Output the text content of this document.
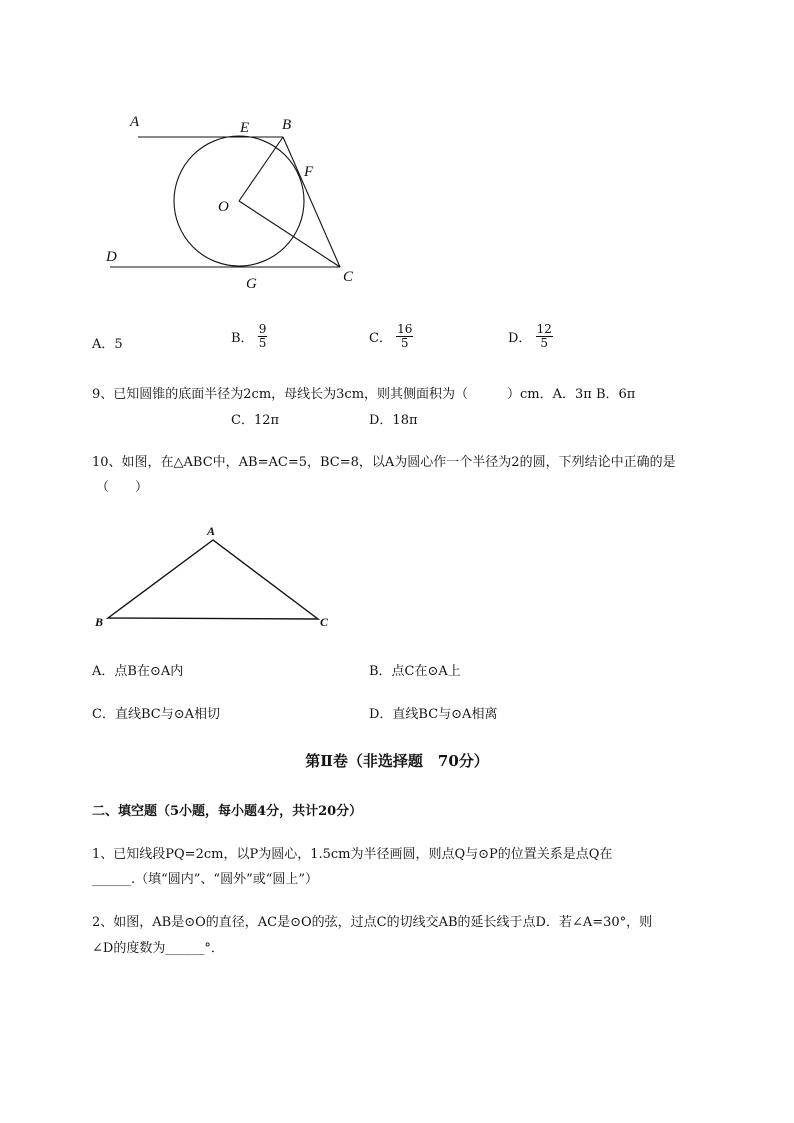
A	E B
F
O
D
G	C
A．5	B． $\frac{9}{5}$	C． $\frac{16}{5}$	D． $\frac{12}{5}$
9、已知圆锥的底面半径为2cm，母线长为3cm，则其侧面积为（　　　）cm．A．3π B．6π
C．12π	D．18π
10、如图，在△ABC中，AB=AC=5，BC=8，以A为圆心作一个半径为2的圆，下列结论中正确的是
（　　）
A
B	C
A．点B在⊙A内	B．点C在⊙A上
C．直线BC与⊙A相切	D．直线BC与⊙A相离
第Ⅱ卷（非选择题　70分）
二、填空题（5小题，每小题4分，共计20分）
1、已知线段PQ=2cm，以P为圆心，1.5cm为半径画圆，则点Q与⊙P的位置关系是点Q在
______.（填“圆内”、“圆外”或“圆上”）
2、如图，AB是⊙O的直径，AC是⊙O的弦，过点C的切线交AB的延长线于点D．若∠A=30°，则
∠D的度数为______°．
